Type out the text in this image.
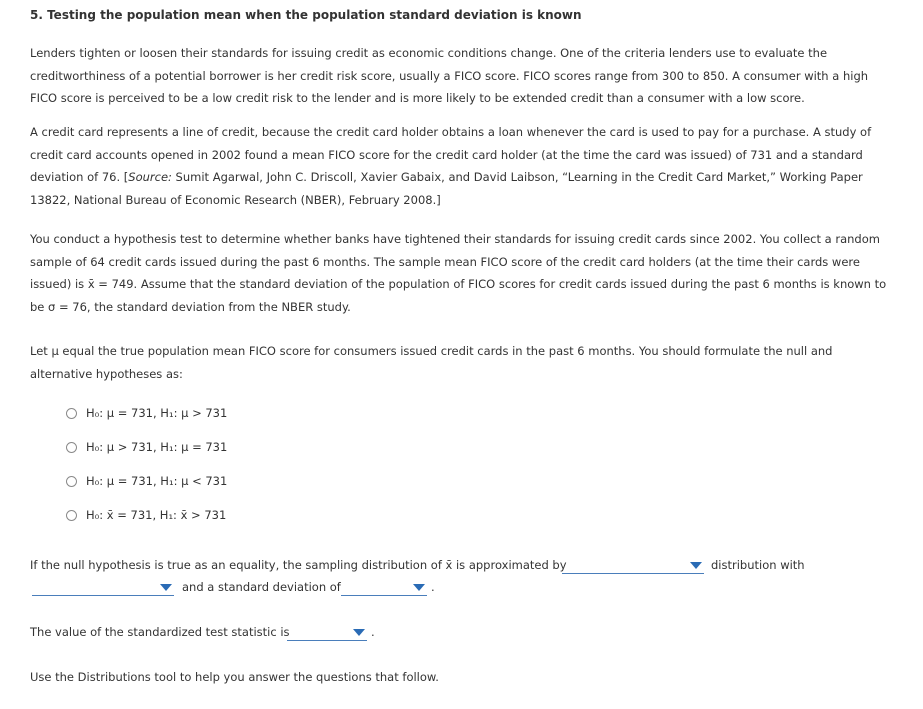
5. Testing the population mean when the population standard deviation is known
Lenders tighten or loosen their standards for issuing credit as economic conditions change. One of the criteria lenders use to evaluate the creditworthiness of a potential borrower is her credit risk score, usually a FICO score. FICO scores range from 300 to 850. A consumer with a high FICO score is perceived to be a low credit risk to the lender and is more likely to be extended credit than a consumer with a low score.
A credit card represents a line of credit, because the credit card holder obtains a loan whenever the card is used to pay for a purchase. A study of credit card accounts opened in 2002 found a mean FICO score for the credit card holder (at the time the card was issued) of 731 and a standard deviation of 76. [Source: Sumit Agarwal, John C. Driscoll, Xavier Gabaix, and David Laibson, “Learning in the Credit Card Market,” Working Paper 13822, National Bureau of Economic Research (NBER), February 2008.]
You conduct a hypothesis test to determine whether banks have tightened their standards for issuing credit cards since 2002. You collect a random sample of 64 credit cards issued during the past 6 months. The sample mean FICO score of the credit card holders (at the time their cards were issued) is x̄ = 749. Assume that the standard deviation of the population of FICO scores for credit cards issued during the past 6 months is known to be σ = 76, the standard deviation from the NBER study.
Let μ equal the true population mean FICO score for consumers issued credit cards in the past 6 months. You should formulate the null and alternative hypotheses as:
H₀: μ = 731, H₁: μ > 731
H₀: μ > 731, H₁: μ = 731
H₀: μ = 731, H₁: μ < 731
H₀: x̄ = 731, H₁: x̄ > 731
If the null hypothesis is true as an equality, the sampling distribution of x̄ is approximated by	distribution with
and a standard deviation of	.
The value of the standardized test statistic is	.
Use the Distributions tool to help you answer the questions that follow.
